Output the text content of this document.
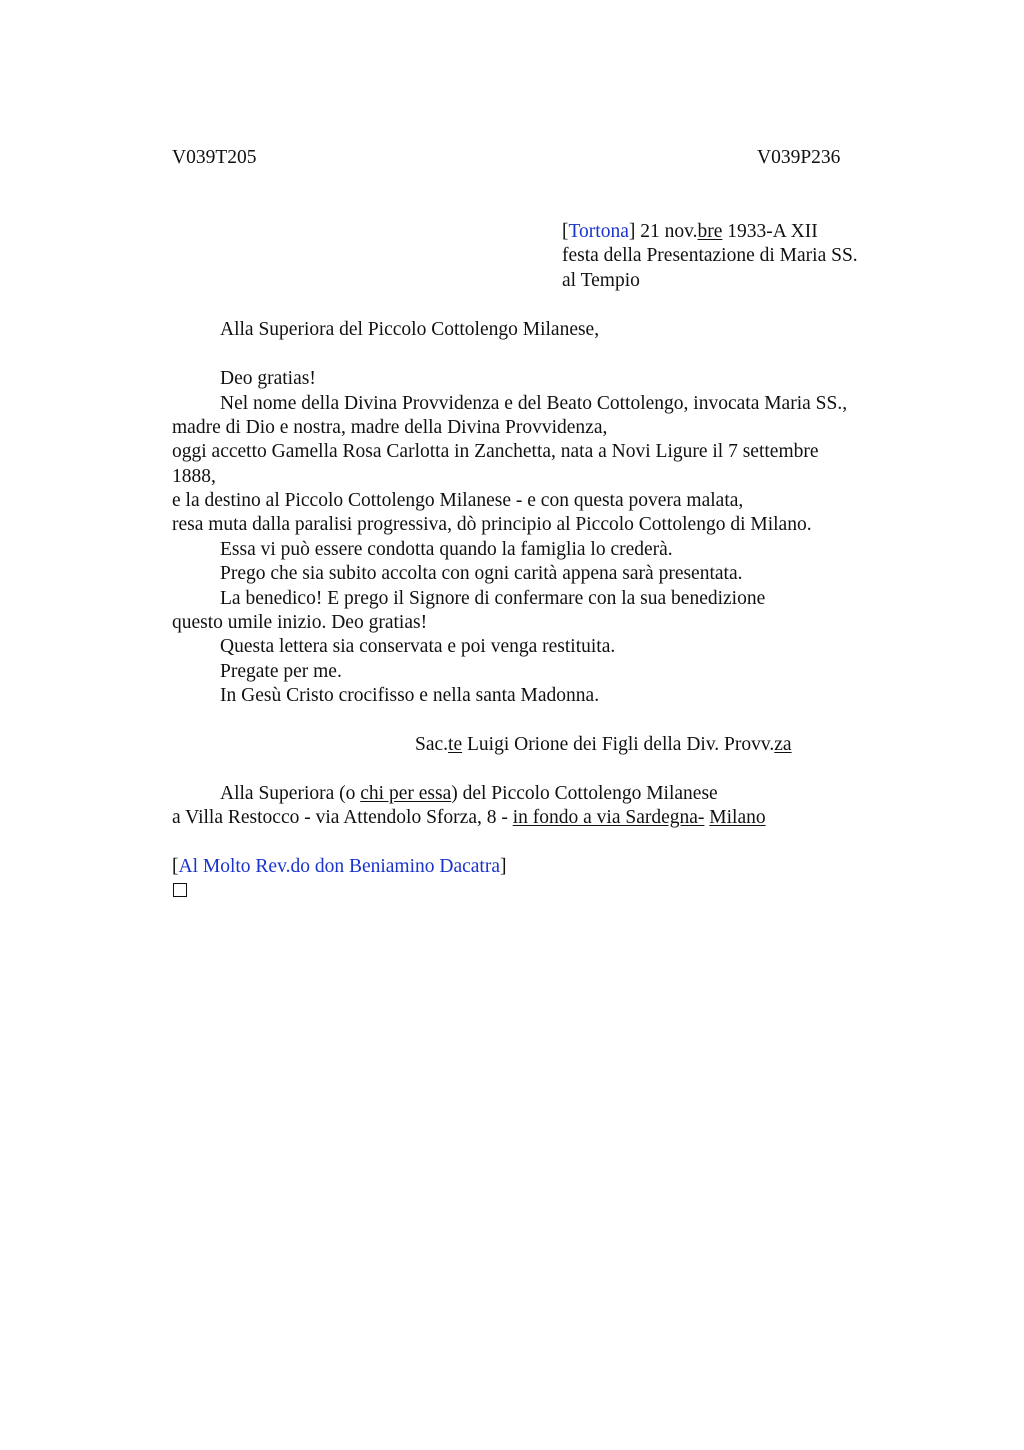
V039T205	V039P236
[Tortona] 21 nov.bre 1933-A XII
festa della Presentazione di Maria SS.
al Tempio
Alla Superiora del Piccolo Cottolengo Milanese,
Deo gratias!
Nel nome della Divina Provvidenza e del Beato Cottolengo, invocata Maria SS.,
madre di Dio e nostra, madre della Divina Provvidenza,
oggi accetto Gamella Rosa Carlotta in Zanchetta, nata a Novi Ligure il 7 settembre
1888,
e la destino al Piccolo Cottolengo Milanese - e con questa povera malata,
resa muta dalla paralisi progressiva, dò principio al Piccolo Cottolengo di Milano.
Essa vi può essere condotta quando la famiglia lo crederà.
Prego che sia subito accolta con ogni carità appena sarà presentata.
La benedico! E prego il Signore di confermare con la sua benedizione
questo umile inizio. Deo gratias!
Questa lettera sia conservata e poi venga restituita.
Pregate per me.
In Gesù Cristo crocifisso e nella santa Madonna.
Sac.te Luigi Orione dei Figli della Div. Provv.za
Alla Superiora (o chi per essa) del Piccolo Cottolengo Milanese
a Villa Restocco - via Attendolo Sforza, 8 - in fondo a via Sardegna- Milano
[Al Molto Rev.do don Beniamino Dacatra]
